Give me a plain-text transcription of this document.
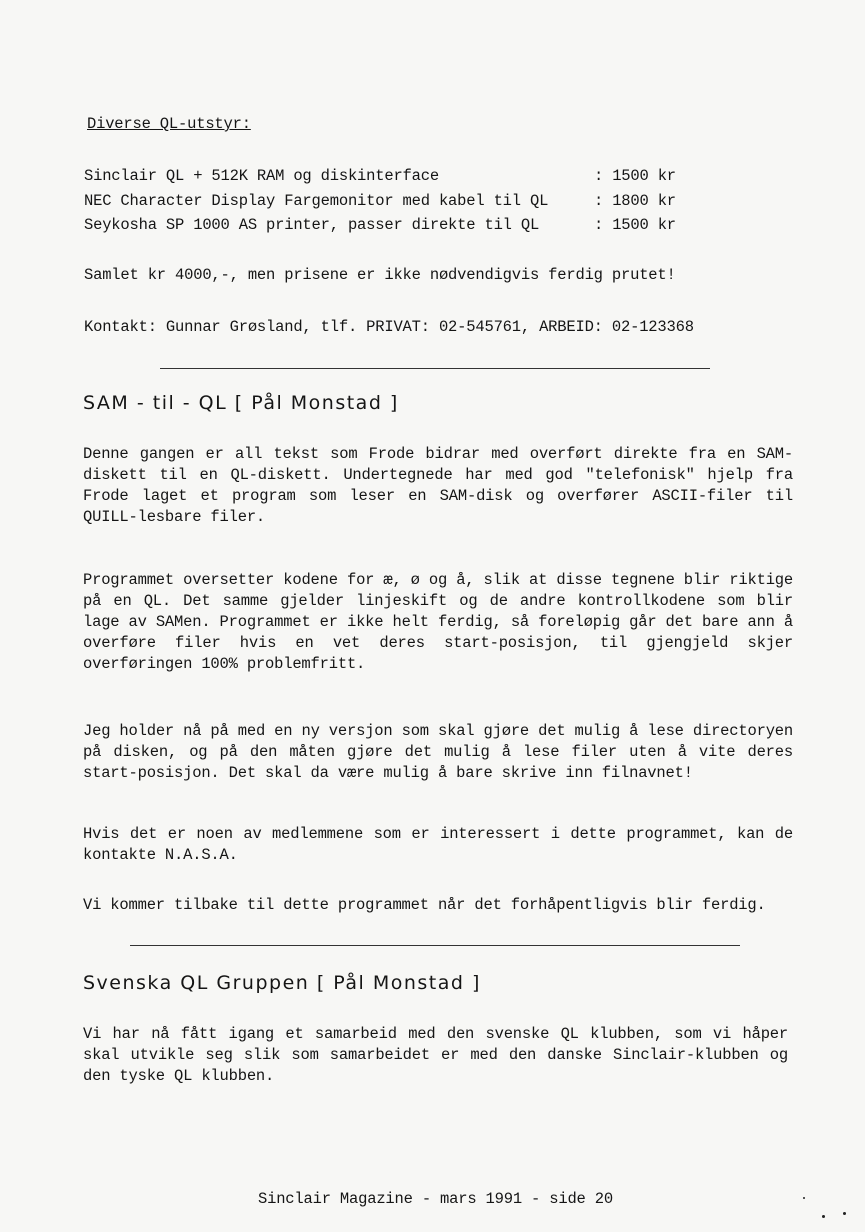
Diverse QL-utstyr:
Sinclair QL + 512K RAM og diskinterface	: 1500 kr
NEC Character Display Fargemonitor med kabel til QL	: 1800 kr
Seykosha SP 1000 AS printer, passer direkte til QL	: 1500 kr
Samlet kr 4000,-, men prisene er ikke nødvendigvis ferdig prutet!
Kontakt: Gunnar Grøsland, tlf. PRIVAT: 02-545761, ARBEID: 02-123368
SAM - til - QL [ Pål Monstad ]
Denne gangen er all tekst som Frode bidrar med overført direkte fra en SAM-diskett til en QL-diskett. Undertegnede har med god "telefonisk" hjelp fra Frode laget et program som leser en SAM-disk og overfører ASCII-filer til QUILL-lesbare filer.
Programmet oversetter kodene for æ, ø og å, slik at disse tegnene blir riktige på en QL. Det samme gjelder linjeskift og de andre kontrollkodene som blir lage av SAMen. Programmet er ikke helt ferdig, så foreløpig går det bare ann å overføre filer hvis en vet deres start-posisjon, til gjengjeld skjer overføringen 100% problemfritt.
Jeg holder nå på med en ny versjon som skal gjøre det mulig å lese directoryen på disken, og på den måten gjøre det mulig å lese filer uten å vite deres start-posisjon. Det skal da være mulig å bare skrive inn filnavnet!
Hvis det er noen av medlemmene som er interessert i dette programmet, kan de kontakte N.A.S.A.
Vi kommer tilbake til dette programmet når det forhåpentligvis blir ferdig.
Svenska QL Gruppen [ Pål Monstad ]
Vi har nå fått igang et samarbeid med den svenske QL klubben, som vi håper skal utvikle seg slik som samarbeidet er med den danske Sinclair-klubben og den tyske QL klubben.
Sinclair Magazine - mars 1991 - side 20
